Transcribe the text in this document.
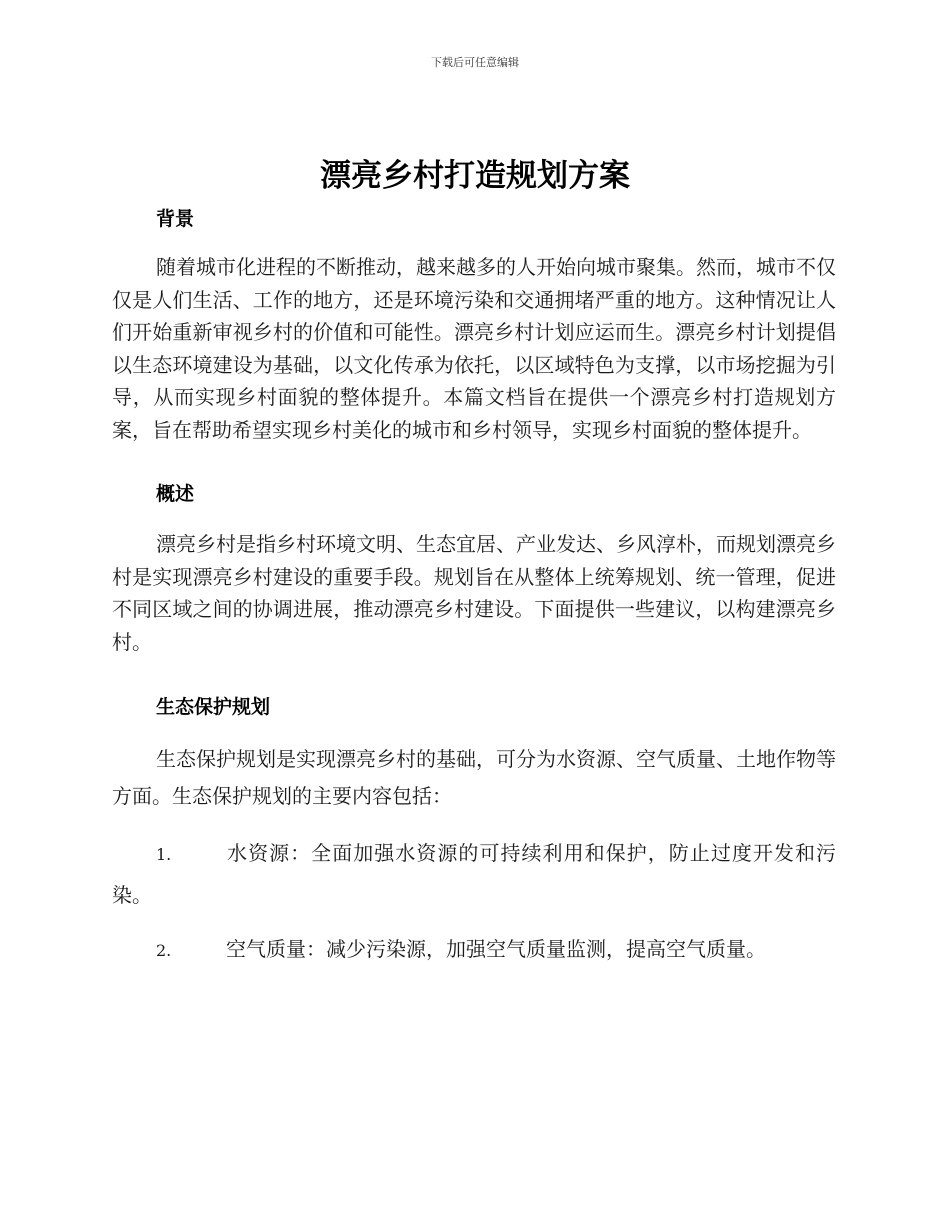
下载后可任意编辑
漂亮乡村打造规划方案

背景

随着城市化进程的不断推动，越来越多的人开始向城市聚集。然而，城市不仅仅是人们生活、工作的地方，还是环境污染和交通拥堵严重的地方。这种情况让人们开始重新审视乡村的价值和可能性。漂亮乡村计划应运而生。漂亮乡村计划提倡以生态环境建设为基础，以文化传承为依托，以区域特色为支撑，以市场挖掘为引导，从而实现乡村面貌的整体提升。本篇文档旨在提供一个漂亮乡村打造规划方案，旨在帮助希望实现乡村美化的城市和乡村领导，实现乡村面貌的整体提升。

概述

漂亮乡村是指乡村环境文明、生态宜居、产业发达、乡风淳朴，而规划漂亮乡村是实现漂亮乡村建设的重要手段。规划旨在从整体上统筹规划、统一管理，促进不同区域之间的协调进展，推动漂亮乡村建设。下面提供一些建议，以构建漂亮乡村。

生态保护规划

生态保护规划是实现漂亮乡村的基础，可分为水资源、空气质量、土地作物等方面。生态保护规划的主要内容包括：

1.	水资源：全面加强水资源的可持续利用和保护，防止过度开发和污染。

2.	空气质量：减少污染源，加强空气质量监测，提高空气质量。
